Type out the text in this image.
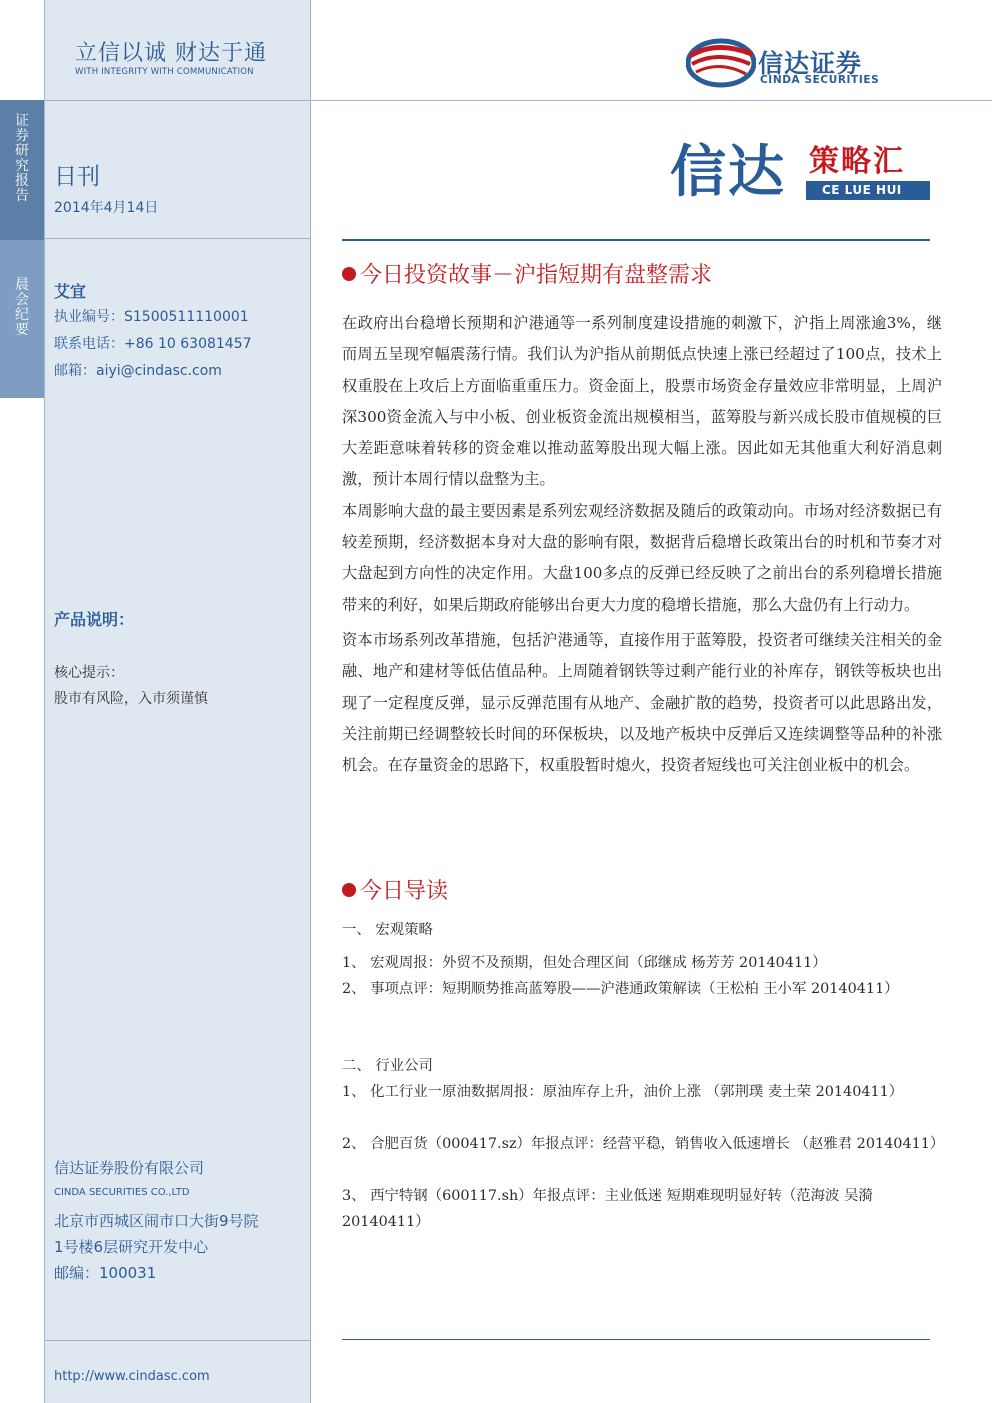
证券研究报告
晨会纪要
立信以诚 财达于通
WITH INTEGRITY WITH COMMUNICATION
日刊
2014年4月14日
艾宜
执业编号：S1500511110001
联系电话：+86 10 63081457
邮箱：aiyi@cindasc.com
产品说明：
核心提示：
股市有风险，入市须谨慎
信达证券股份有限公司
CINDA SECURITIES CO.,LTD
北京市西城区闹市口大街9号院
1号楼6层研究开发中心
邮编：100031
http://www.cindasc.com
信达证券
CINDA SECURITIES
信达 策略汇
CE LUE HUI
今日投资故事－沪指短期有盘整需求

在政府出台稳增长预期和沪港通等一系列制度建设措施的刺激下，沪指上周涨逾3%，继而周五呈现窄幅震荡行情。我们认为沪指从前期低点快速上涨已经超过了100点，技术上权重股在上攻后上方面临重重压力。资金面上，股票市场资金存量效应非常明显，上周沪深300资金流入与中小板、创业板资金流出规模相当，蓝筹股与新兴成长股市值规模的巨大差距意味着转移的资金难以推动蓝筹股出现大幅上涨。因此如无其他重大利好消息刺激，预计本周行情以盘整为主。

本周影响大盘的最主要因素是系列宏观经济数据及随后的政策动向。市场对经济数据已有较差预期，经济数据本身对大盘的影响有限，数据背后稳增长政策出台的时机和节奏才对大盘起到方向性的决定作用。大盘100多点的反弹已经反映了之前出台的系列稳增长措施带来的利好，如果后期政府能够出台更大力度的稳增长措施，那么大盘仍有上行动力。

资本市场系列改革措施，包括沪港通等，直接作用于蓝筹股，投资者可继续关注相关的金融、地产和建材等低估值品种。上周随着钢铁等过剩产能行业的补库存，钢铁等板块也出现了一定程度反弹，显示反弹范围有从地产、金融扩散的趋势，投资者可以此思路出发，关注前期已经调整较长时间的环保板块，以及地产板块中反弹后又连续调整等品种的补涨机会。在存量资金的思路下，权重股暂时熄火，投资者短线也可关注创业板中的机会。

今日导读
一、 宏观策略
1、 宏观周报：外贸不及预期，但处合理区间（邱继成 杨芳芳 20140411）
2、 事项点评：短期顺势推高蓝筹股——沪港通政策解读（王松柏 王小军 20140411）
二、 行业公司
1、 化工行业一原油数据周报：原油库存上升，油价上涨 （郭荆璞 麦土荣 20140411）
2、 合肥百货（000417.sz）年报点评：经营平稳，销售收入低速增长 （赵雅君 20140411）
3、 西宁特钢（600117.sh）年报点评：主业低迷 短期难现明显好转（范海波 吴漪 20140411）
